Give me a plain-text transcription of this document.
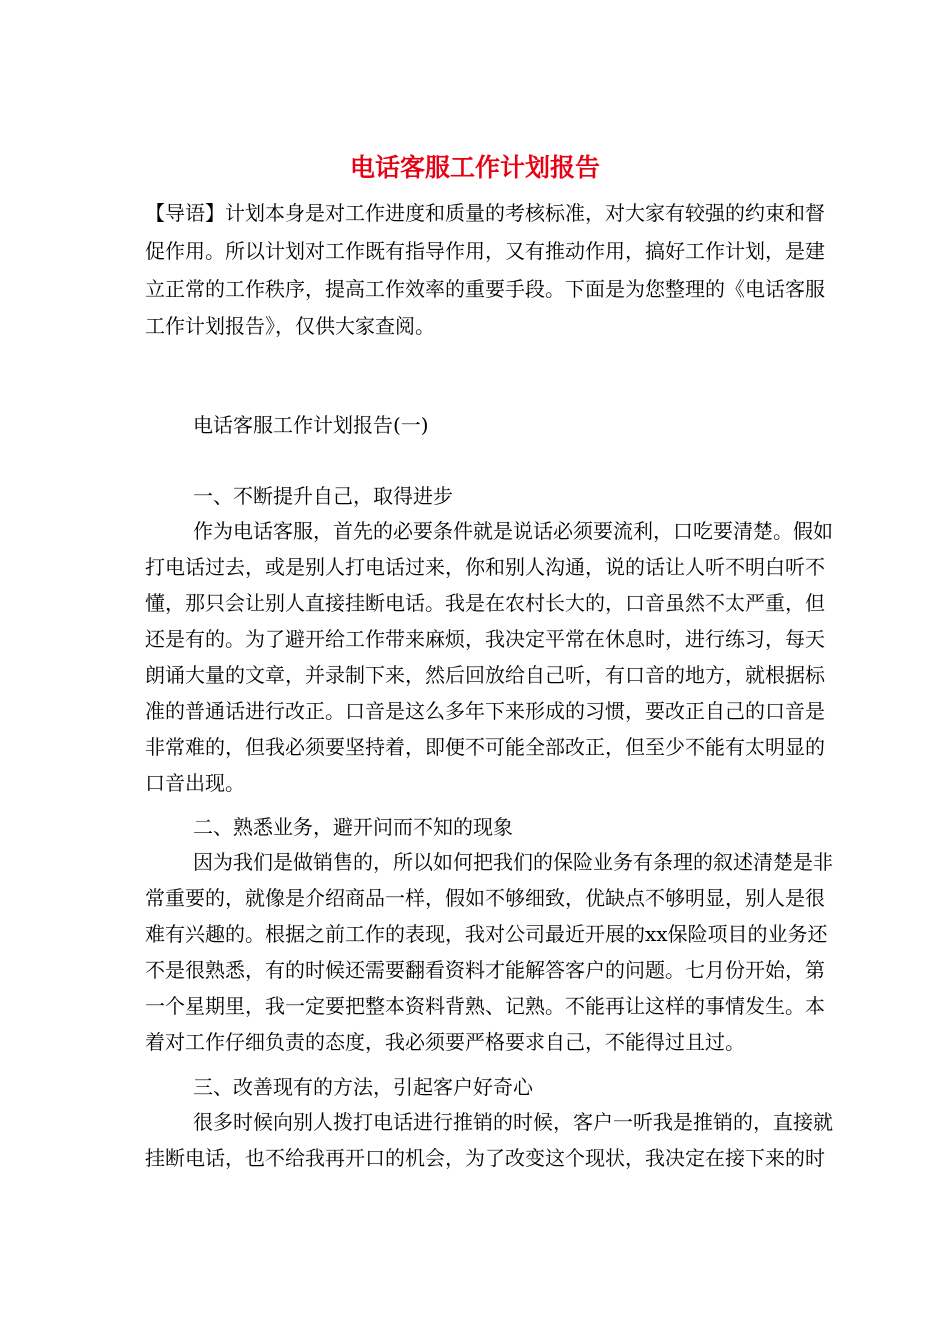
电话客服工作计划报告
【导语】计划本身是对工作进度和质量的考核标准，对大家有较强的约束和督
促作用。所以计划对工作既有指导作用，又有推动作用，搞好工作计划，是建
立正常的工作秩序，提高工作效率的重要手段。下面是为您整理的《电话客服
工作计划报告》，仅供大家查阅。
电话客服工作计划报告(一)
一、不断提升自己，取得进步
作为电话客服，首先的必要条件就是说话必须要流利，口吃要清楚。假如
打电话过去，或是别人打电话过来，你和别人沟通，说的话让人听不明白听不
懂，那只会让别人直接挂断电话。我是在农村长大的，口音虽然不太严重，但
还是有的。为了避开给工作带来麻烦，我决定平常在休息时，进行练习，每天
朗诵大量的文章，并录制下来，然后回放给自己听，有口音的地方，就根据标
准的普通话进行改正。口音是这么多年下来形成的习惯，要改正自己的口音是
非常难的，但我必须要坚持着，即便不可能全部改正，但至少不能有太明显的
口音出现。
二、熟悉业务，避开问而不知的现象
因为我们是做销售的，所以如何把我们的保险业务有条理的叙述清楚是非
常重要的，就像是介绍商品一样，假如不够细致，优缺点不够明显，别人是很
难有兴趣的。根据之前工作的表现，我对公司最近开展的xx保险项目的业务还
不是很熟悉，有的时候还需要翻看资料才能解答客户的问题。七月份开始，第
一个星期里，我一定要把整本资料背熟、记熟。不能再让这样的事情发生。本
着对工作仔细负责的态度，我必须要严格要求自己，不能得过且过。
三、改善现有的方法，引起客户好奇心
很多时候向别人拨打电话进行推销的时候，客户一听我是推销的，直接就
挂断电话，也不给我再开口的机会，为了改变这个现状，我决定在接下来的时
